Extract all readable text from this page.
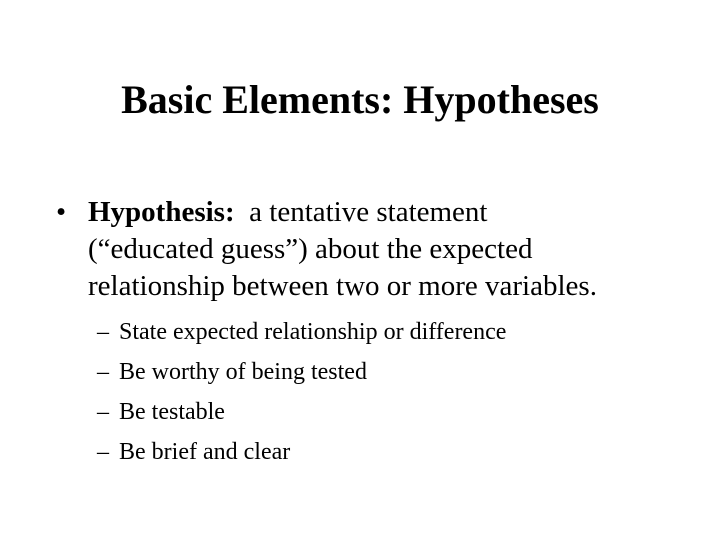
Basic Elements: Hypotheses
• Hypothesis: a tentative statement
(“educated guess”) about the expected
relationship between two or more variables.
– State expected relationship or difference
– Be worthy of being tested
– Be testable
– Be brief and clear
